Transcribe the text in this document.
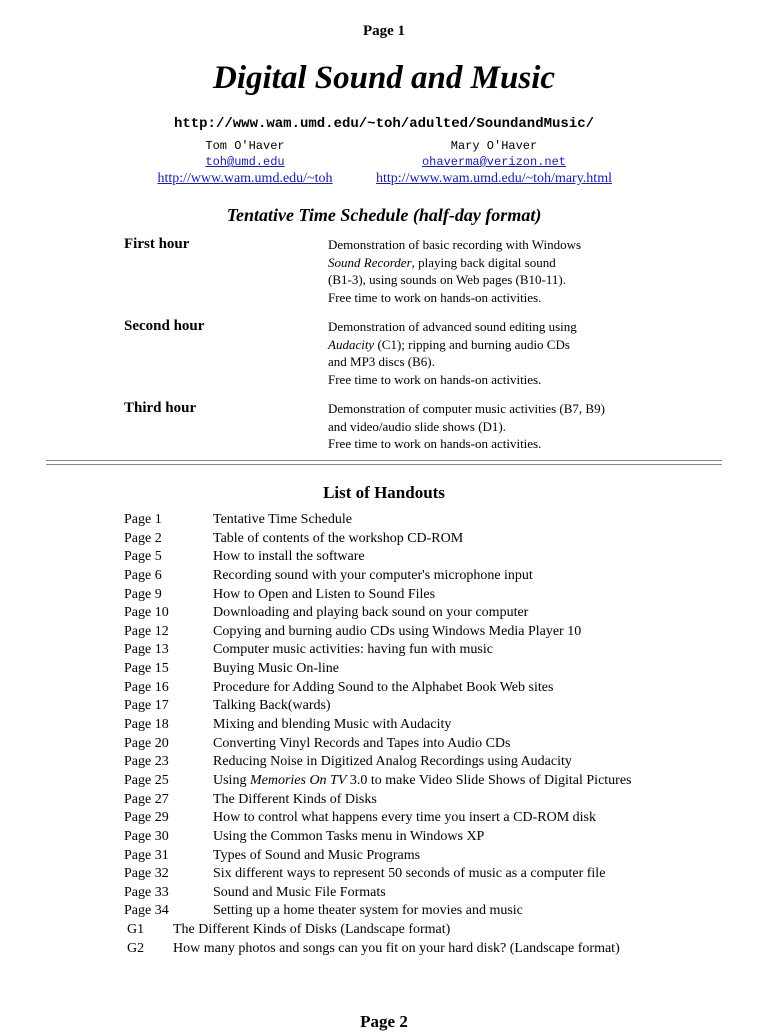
Page 1
Digital Sound and Music
http://www.wam.umd.edu/~toh/adulted/SoundandMusic/
Tom O'Haver
toh@umd.edu
http://www.wam.umd.edu/~toh
Mary O'Haver
ohaverma@verizon.net
http://www.wam.umd.edu/~toh/mary.html
Tentative Time Schedule (half-day format)
First hour	Demonstration of basic recording with Windows
Sound Recorder, playing back digital sound
(B1-3), using sounds on Web pages (B10-11).
Free time to work on hands-on activities.
Second hour	Demonstration of advanced sound editing using
Audacity (C1); ripping and burning audio CDs
and MP3 discs (B6).
Free time to work on hands-on activities.
Third hour	Demonstration of computer music activities (B7, B9)
and video/audio slide shows (D1).
Free time to work on hands-on activities.
List of Handouts
Page 1	Tentative Time Schedule
Page 2	Table of contents of the workshop CD-ROM
Page 5	How to install the software
Page 6	Recording sound with your computer's microphone input
Page 9	How to Open and Listen to Sound Files
Page 10	Downloading and playing back sound on your computer
Page 12	Copying and burning audio CDs using Windows Media Player 10
Page 13	Computer music activities: having fun with music
Page 15	Buying Music On-line
Page 16	Procedure for Adding Sound to the Alphabet Book Web sites
Page 17	Talking Back(wards)
Page 18	Mixing and blending Music with Audacity
Page 20	Converting Vinyl Records and Tapes into Audio CDs
Page 23	Reducing Noise in Digitized Analog Recordings using Audacity
Page 25	Using Memories On TV 3.0 to make Video Slide Shows of Digital Pictures
Page 27	The Different Kinds of Disks
Page 29	How to control what happens every time you insert a CD-ROM disk
Page 30	Using the Common Tasks menu in Windows XP
Page 31	Types of Sound and Music Programs
Page 32	Six different ways to represent 50 seconds of music as a computer file
Page 33	Sound and Music File Formats
Page 34	Setting up a home theater system for movies and music
G1 The Different Kinds of Disks (Landscape format)
G2 How many photos and songs can you fit on your hard disk? (Landscape format)
Page 2
